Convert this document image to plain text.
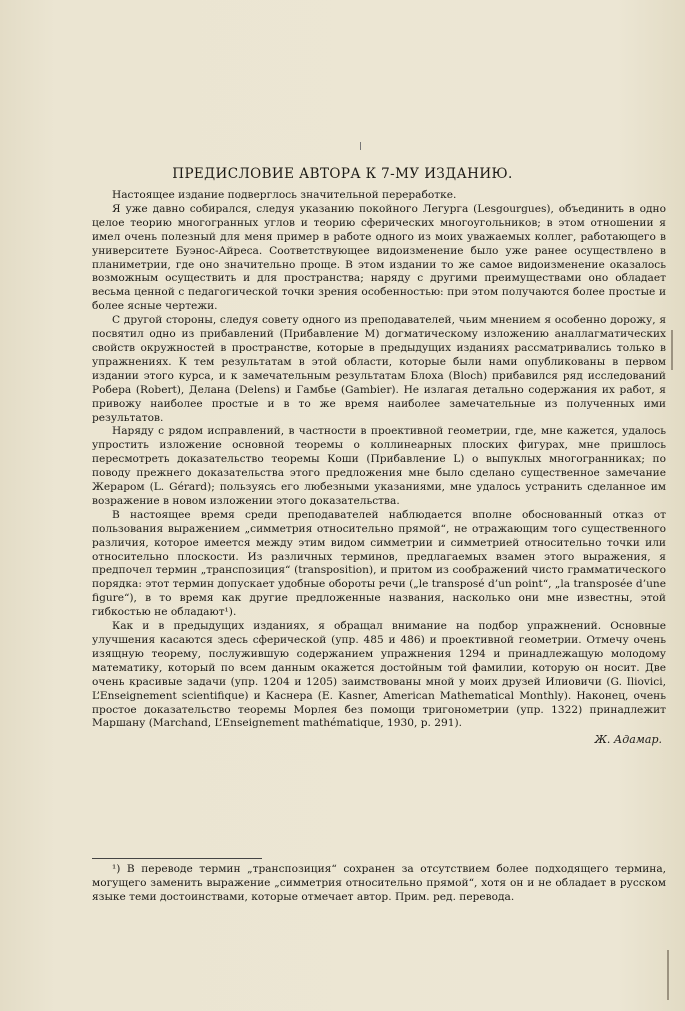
ПРЕДИСЛОВИЕ АВТОРА К 7-МУ ИЗДАНИЮ.

Настоящее издание подверглось значительной переработке.

Я уже давно собирался, следуя указанию покойного Легурга (Lesgourgues), объединить в одно целое теорию многогранных углов и теорию сферических многоугольников; в этом отношении я имел очень полезный для меня пример в работе одного из моих уважаемых коллег, работающего в университете Буэнос-Айреса. Соответствующее видоизменение было уже ранее осуществлено в планиметрии, где оно значительно проще. В этом издании то же самое видоизменение оказалось возможным осуществить и для пространства; наряду с другими преимуществами оно обладает весьма ценной с педагогической точки зрения особенностью: при этом получаются более простые и более ясные чертежи.

С другой стороны, следуя совету одного из преподавателей, чьим мнением я особенно дорожу, я посвятил одно из прибавлений (Прибавление M) догматическому изложению аналлагматических свойств окружностей в пространстве, которые в предыдущих изданиях рассматривались только в упражнениях. К тем результатам в этой области, которые были нами опубликованы в первом издании этого курса, и к замечательным результатам Блоха (Bloch) прибавился ряд исследований Робера (Robert), Делана (Delens) и Гамбье (Gambier). Не излагая детально содержания их работ, я привожу наиболее простые и в то же время наиболее замечательные из полученных ими результатов.

Наряду с рядом исправлений, в частности в проективной геометрии, где, мне кажется, удалось упростить изложение основной теоремы о коллинеарных плоских фигурах, мне пришлось пересмотреть доказательство теоремы Коши (Прибавление L) о выпуклых многогранниках; по поводу прежнего доказательства этого предложения мне было сделано существенное замечание Жераром (L. Gérard); пользуясь его любезными указаниями, мне удалось устранить сделанное им возражение в новом изложении этого доказательства.

В настоящее время среди преподавателей наблюдается вполне обоснованный отказ от пользования выражением „симметрия относительно прямой“, не отражающим того существенного различия, которое имеется между этим видом симметрии и симметрией относительно точки или относительно плоскости. Из различных терминов, предлагаемых взамен этого выражения, я предпочел термин „транспозиция“ (transposition), и притом из соображений чисто грамматического порядка: этот термин допускает удобные обороты речи („le transposé d’un point“, „la transposée d’une figure“), в то время как другие предложенные названия, насколько они мне известны, этой гибкостью не обладают¹).

Как и в предыдущих изданиях, я обращал внимание на подбор упражнений. Основные улучшения касаются здесь сферической (упр. 485 и 486) и проективной геометрии. Отмечу очень изящную теорему, послужившую содержанием упражнения 1294 и принадлежащую молодому математику, который по всем данным окажется достойным той фамилии, которую он носит. Две очень красивые задачи (упр. 1204 и 1205) заимствованы мной у моих друзей Илиовичи (G. Iliovici, L’Enseignement scientifique) и Каснера (E. Kasner, American Mathematical Monthly). Наконец, очень простое доказательство теоремы Морлея без помощи тригонометрии (упр. 1322) принадлежит Маршану (Marchand, L’Enseignement mathématique, 1930, p. 291).

Ж. Адамар.

¹) В переводе термин „транспозиция“ сохранен за отсутствием более подходящего термина, могущего заменить выражение „симметрия относительно прямой“, хотя он и не обладает в русском языке теми достоинствами, которые отмечает автор. Прим. ред. перевода.
